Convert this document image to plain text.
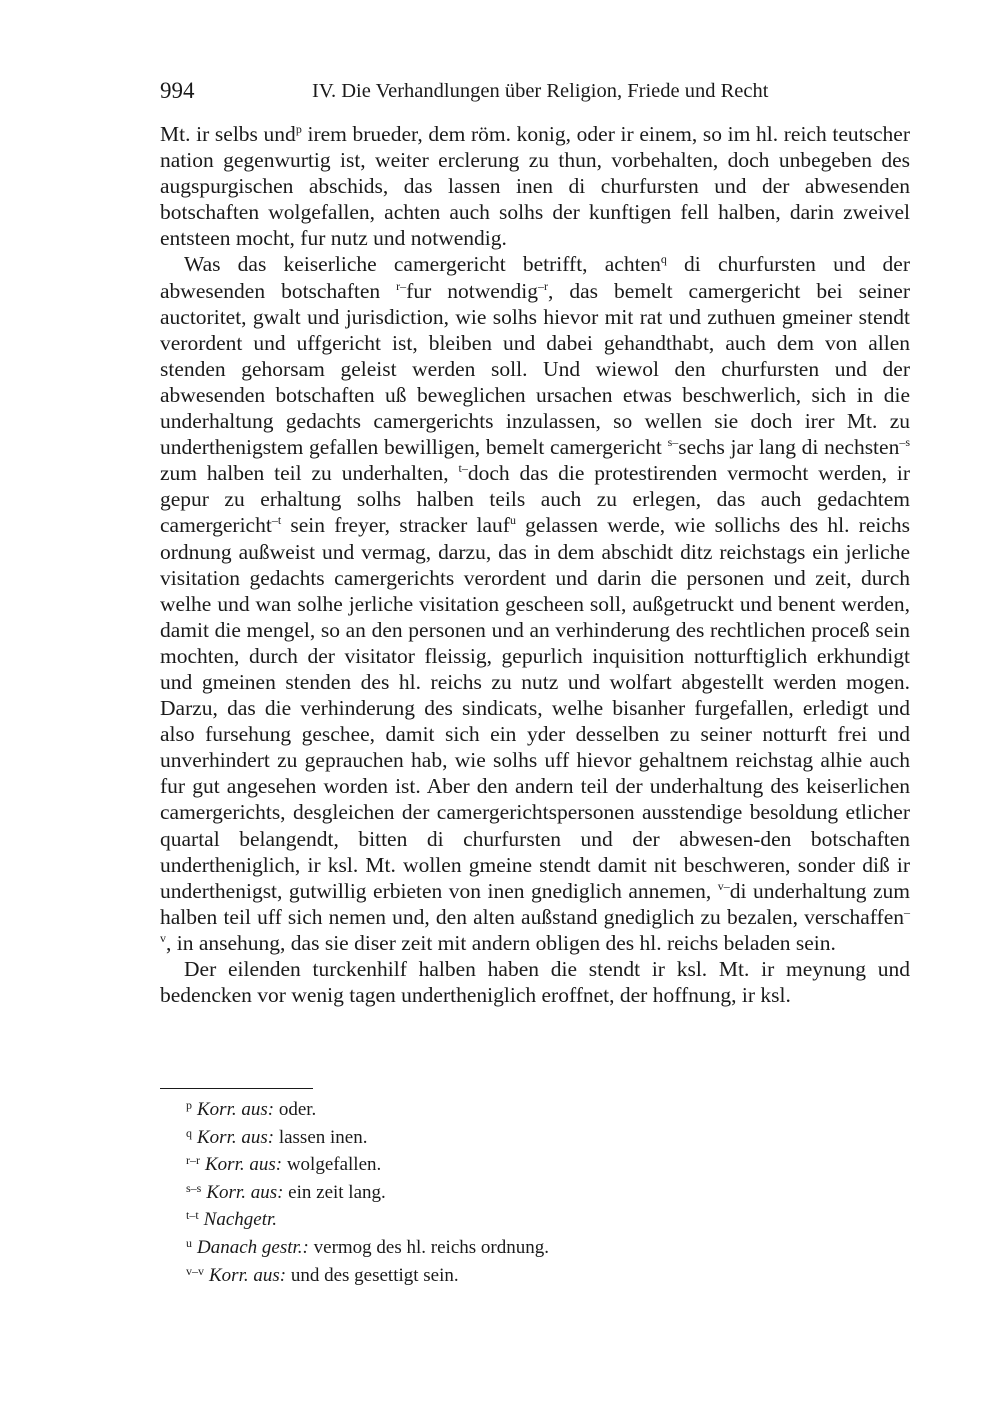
994	IV. Die Verhandlungen über Religion, Friede und Recht

Mt. ir selbs und$^p$ irem brueder, dem röm. konig, oder ir einem, so im hl. reich teutscher nation gegenwurtig ist, weiter erclerung zu thun, vorbehalten, doch unbegeben des augspurgischen abschids, das lassen inen di churfursten und der abwesenden botschaften wolgefallen, achten auch solhs der kunftigen fell halben, darin zweivel entsteen mocht, fur nutz und notwendig.

Was das keiserliche camergericht betrifft, achten$^q$ di churfursten und der abwesenden botschaften $^{r-}$fur notwendig$^{-r}$, das bemelt camergericht bei seiner auctoritet, gwalt und jurisdiction, wie solhs hievor mit rat und zuthuen gmeiner stendt verordent und uffgericht ist, bleiben und dabei gehandthabt, auch dem von allen stenden gehorsam geleist werden soll. Und wiewol den churfursten und der abwesenden botschaften uß beweglichen ursachen etwas beschwerlich, sich in die underhaltung gedachts camergerichts inzulassen, so wellen sie doch irer Mt. zu underthenigstem gefallen bewilligen, bemelt camergericht $^{s-}$sechs jar lang di nechsten$^{-s}$ zum halben teil zu underhalten, $^{t-}$doch das die protestirenden vermocht werden, ir gepur zu erhaltung solhs halben teils auch zu erlegen, das auch gedachtem camergericht$^{-t}$ sein freyer, stracker lauf$^u$ gelassen werde, wie sollichs des hl. reichs ordnung außweist und vermag, darzu, das in dem abschidt ditz reichstags ein jerliche visitation gedachts camergerichts verordent und darin die personen und zeit, durch welhe und wan solhe jerliche visitation gescheen soll, außgetruckt und benent werden, damit die mengel, so an den personen und an verhinderung des rechtlichen proceß sein mochten, durch der visitator fleissig, gepurlich inquisition notturftiglich erkhundigt und gmeinen stenden des hl. reichs zu nutz und wolfart abgestellt werden mogen. Darzu, das die verhinderung des sindicats, welhe bisanher furgefallen, erledigt und also fursehung geschee, damit sich ein yder desselben zu seiner notturft frei und unverhindert zu geprauchen hab, wie solhs uff hievor gehaltnem reichstag alhie auch fur gut angesehen worden ist. Aber den andern teil der underhaltung des keiserlichen camergerichts, desgleichen der camergerichtspersonen ausstendige besoldung etlicher quartal belangendt, bitten di churfursten und der abwesen-den botschaften undertheniglich, ir ksl. Mt. wollen gmeine stendt damit nit beschweren, sonder diß ir underthenigst, gutwillig erbieten von inen gnediglich annemen, $^{v-}$di underhaltung zum halben teil uff sich nemen und, den alten außstand gnediglich zu bezalen, verschaffen$^{-v}$, in ansehung, das sie diser zeit mit andern obligen des hl. reichs beladen sein.

Der eilenden turckenhilf halben haben die stendt ir ksl. Mt. ir meynung und bedencken vor wenig tagen undertheniglich eroffnet, der hoffnung, ir ksl.

p Korr. aus: oder.
q Korr. aus: lassen inen.
r–r Korr. aus: wolgefallen.
s–s Korr. aus: ein zeit lang.
t–t Nachgetr.
u Danach gestr.: vermog des hl. reichs ordnung.
v–v Korr. aus: und des gesettigt sein.
